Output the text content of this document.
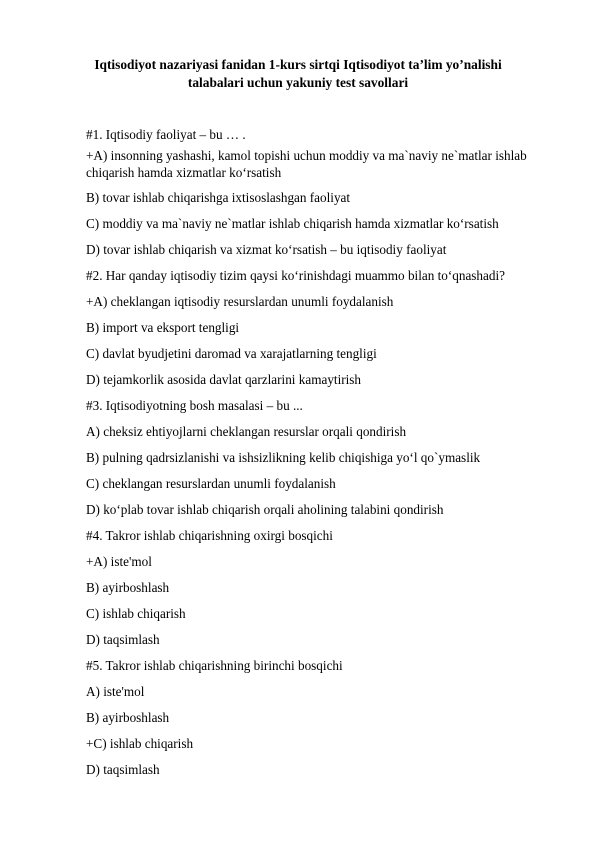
Iqtisodiyot nazariyasi fanidan 1-kurs sirtqi Iqtisodiyot ta’lim yo’nalishi
talabalari uchun yakuniy test savollari
#1. Iqtisodiy faoliyat – bu … .
+A) insonning yashashi, kamol topishi uchun moddiy va ma`naviy ne`matlar ishlab
chiqarish hamda xizmatlar ko‘rsatish
B) tovar ishlab chiqarishga ixtisoslashgan faoliyat
C) moddiy va ma`naviy ne`matlar ishlab chiqarish hamda xizmatlar ko‘rsatish
D) tovar ishlab chiqarish va xizmat ko‘rsatish – bu iqtisodiy faoliyat
#2. Har qanday iqtisodiy tizim qaysi ko‘rinishdagi muammo bilan to‘qnashadi?
+A) cheklangan iqtisodiy resurslardan unumli foydalanish
B) import va eksport tengligi
C) davlat byudjetini daromad va xarajatlarning tengligi
D) tejamkorlik asosida davlat qarzlarini kamaytirish
#3. Iqtisodiyotning bosh masalasi – bu ...
A) cheksiz ehtiyojlarni cheklangan resurslar orqali qondirish
B) pulning qadrsizlanishi va ishsizlikning kelib chiqishiga yo‘l qo`ymaslik
C) cheklangan resurslardan unumli foydalanish
D) ko‘plab tovar ishlab chiqarish orqali aholining talabini qondirish
#4. Takror ishlab chiqarishning oxirgi bosqichi
+A) iste'mol
B) ayirboshlash
C) ishlab chiqarish
D) taqsimlash
#5. Takror ishlab chiqarishning birinchi bosqichi
A) iste'mol
B) ayirboshlash
+C) ishlab chiqarish
D) taqsimlash
